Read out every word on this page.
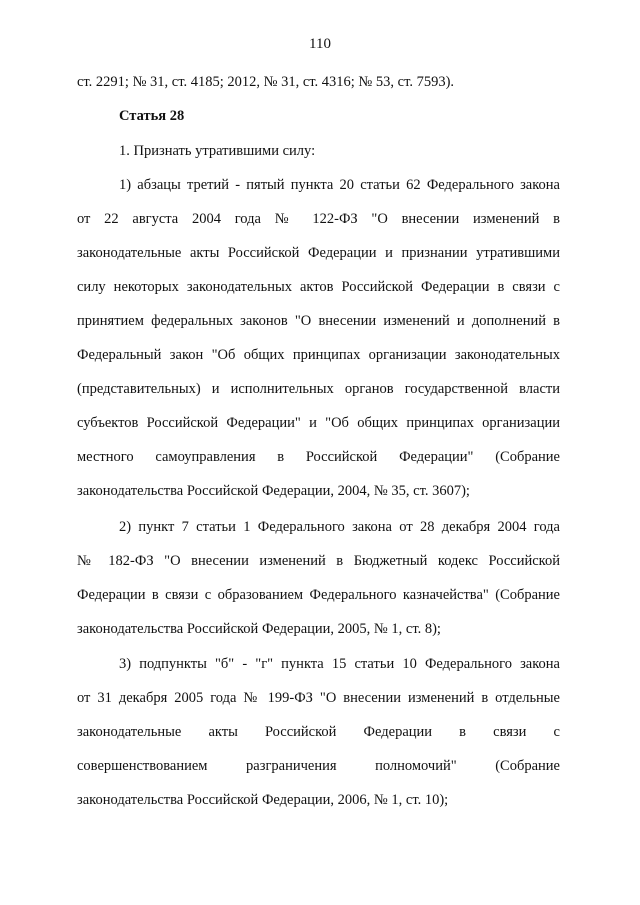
110
ст. 2291; № 31, ст. 4185; 2012, № 31, ст. 4316; № 53, ст. 7593).
Статья 28
1. Признать утратившими силу:
1) абзацы третий - пятый пункта 20 статьи 62 Федерального закона
от 22 августа 2004 года № 122-ФЗ "О внесении изменений в
законодательные акты Российской Федерации и признании утратившими
силу некоторых законодательных актов Российской Федерации в связи с
принятием федеральных законов "О внесении изменений и дополнений в
Федеральный закон "Об общих принципах организации законодательных
(представительных) и исполнительных органов государственной власти
субъектов Российской Федерации" и "Об общих принципах организации
местного самоуправления в Российской Федерации" (Собрание
законодательства Российской Федерации, 2004, № 35, ст. 3607);
2) пункт 7 статьи 1 Федерального закона от 28 декабря 2004 года
№ 182-ФЗ "О внесении изменений в Бюджетный кодекс Российской
Федерации в связи с образованием Федерального казначейства" (Собрание
законодательства Российской Федерации, 2005, № 1, ст. 8);
3) подпункты "б" - "г" пункта 15 статьи 10 Федерального закона
от 31 декабря 2005 года № 199-ФЗ "О внесении изменений в отдельные
законодательные акты Российской Федерации в связи с
совершенствованием разграничения полномочий" (Собрание
законодательства Российской Федерации, 2006, № 1, ст. 10);
